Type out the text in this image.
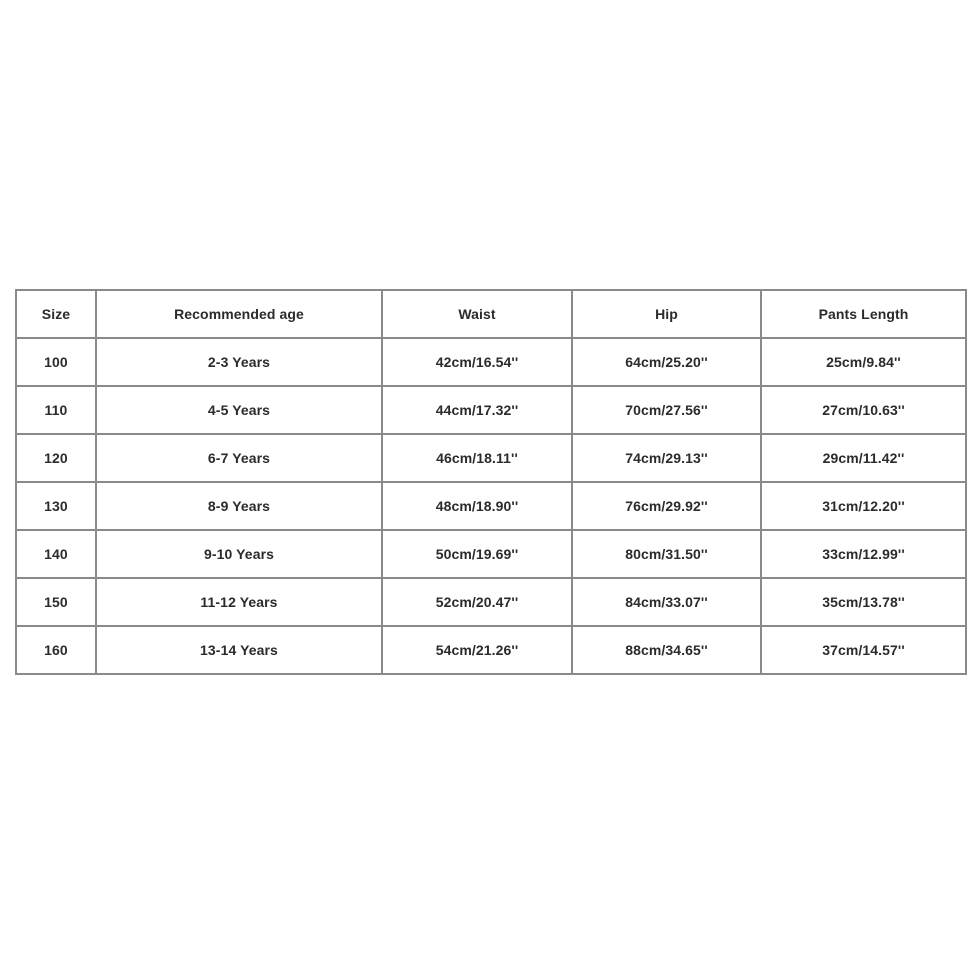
Size	Recommended age	Waist	Hip	Pants Length
100	2-3 Years	42cm/16.54''	64cm/25.20''	25cm/9.84''
110	4-5 Years	44cm/17.32''	70cm/27.56''	27cm/10.63''
120	6-7 Years	46cm/18.11''	74cm/29.13''	29cm/11.42''
130	8-9 Years	48cm/18.90''	76cm/29.92''	31cm/12.20''
140	9-10 Years	50cm/19.69''	80cm/31.50''	33cm/12.99''
150	11-12 Years	52cm/20.47''	84cm/33.07''	35cm/13.78''
160	13-14 Years	54cm/21.26''	88cm/34.65''	37cm/14.57''
